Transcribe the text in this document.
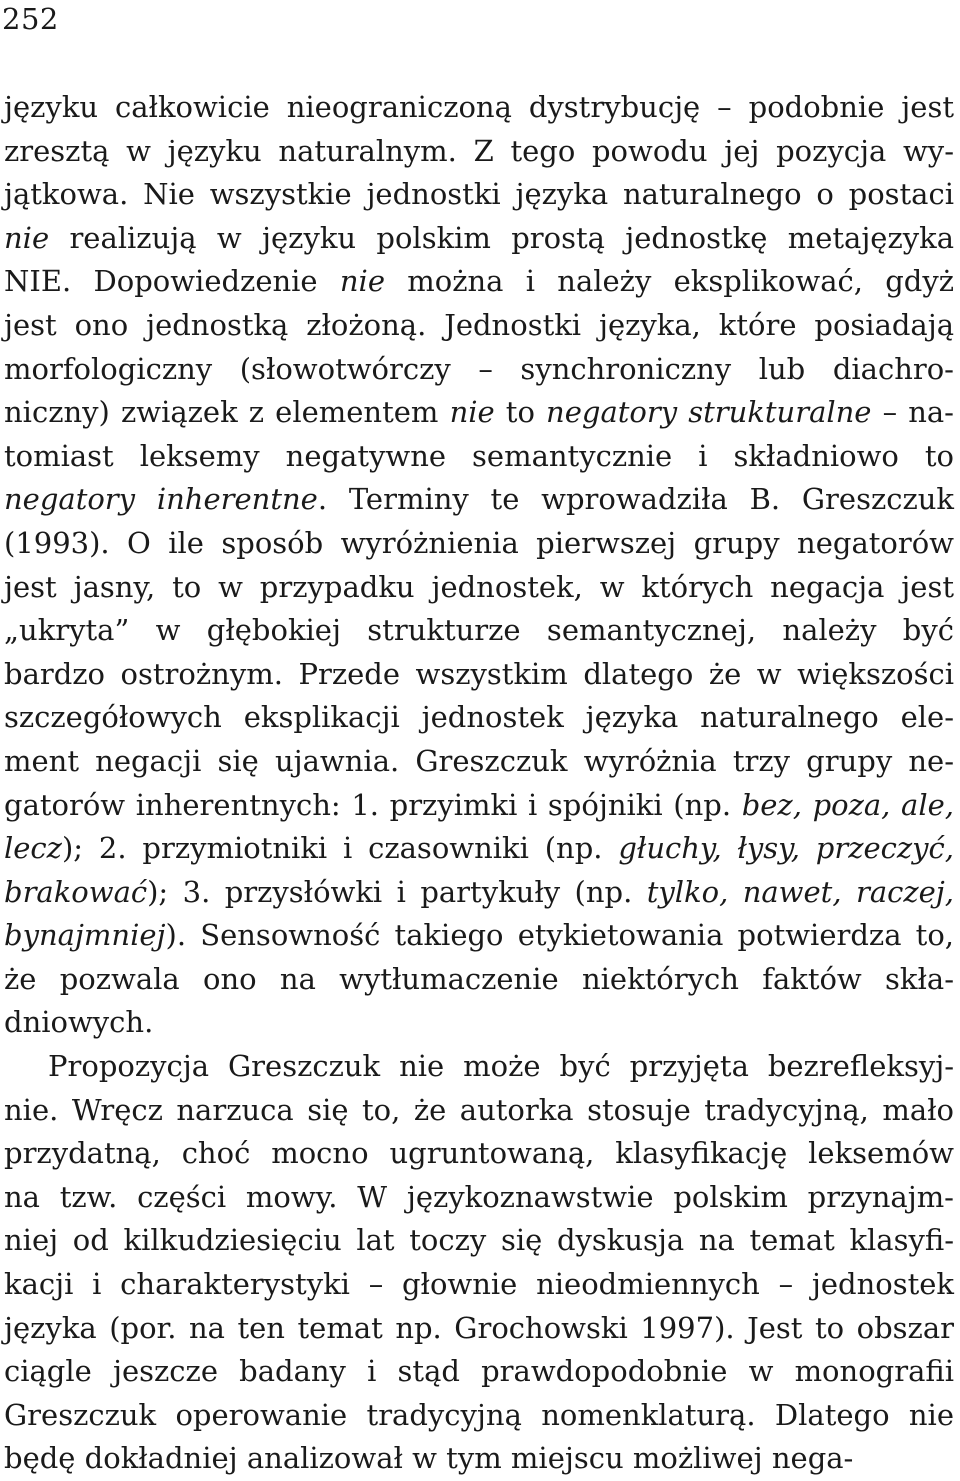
252
języku całkowicie nieograniczoną dystrybucję – podobnie jest
zresztą w języku naturalnym. Z tego powodu jej pozycja wy-
jątkowa. Nie wszystkie jednostki języka naturalnego o postaci
nie realizują w języku polskim prostą jednostkę metajęzyka
NIE. Dopowiedzenie nie można i należy eksplikować, gdyż
jest ono jednostką złożoną. Jednostki języka, które posiadają
morfologiczny (słowotwórczy – synchroniczny lub diachro-
niczny) związek z elementem nie to negatory strukturalne – na-
tomiast leksemy negatywne semantycznie i składniowo to
negatory inherentne. Terminy te wprowadziła B. Greszczuk
(1993). O ile sposób wyróżnienia pierwszej grupy negatorów
jest jasny, to w przypadku jednostek, w których negacja jest
„ukryta” w głębokiej strukturze semantycznej, należy być
bardzo ostrożnym. Przede wszystkim dlatego że w większości
szczegółowych eksplikacji jednostek języka naturalnego ele-
ment negacji się ujawnia. Greszczuk wyróżnia trzy grupy ne-
gatorów inherentnych: 1. przyimki i spójniki (np. bez, poza, ale,
lecz); 2. przymiotniki i czasowniki (np. głuchy, łysy, przeczyć,
brakować); 3. przysłówki i partykuły (np. tylko, nawet, raczej,
bynajmniej). Sensowność takiego etykietowania potwierdza to,
że pozwala ono na wytłumaczenie niektórych faktów skła-
dniowych.
Propozycja Greszczuk nie może być przyjęta bezrefleksyj-
nie. Wręcz narzuca się to, że autorka stosuje tradycyjną, mało
przydatną, choć mocno ugruntowaną, klasyfikację leksemów
na tzw. części mowy. W językoznawstwie polskim przynajm-
niej od kilkudziesięciu lat toczy się dyskusja na temat klasyfi-
kacji i charakterystyki – głownie nieodmiennych – jednostek
języka (por. na ten temat np. Grochowski 1997). Jest to obszar
ciągle jeszcze badany i stąd prawdopodobnie w monografii
Greszczuk operowanie tradycyjną nomenklaturą. Dlatego nie
będę dokładniej analizował w tym miejscu możliwej nega-
